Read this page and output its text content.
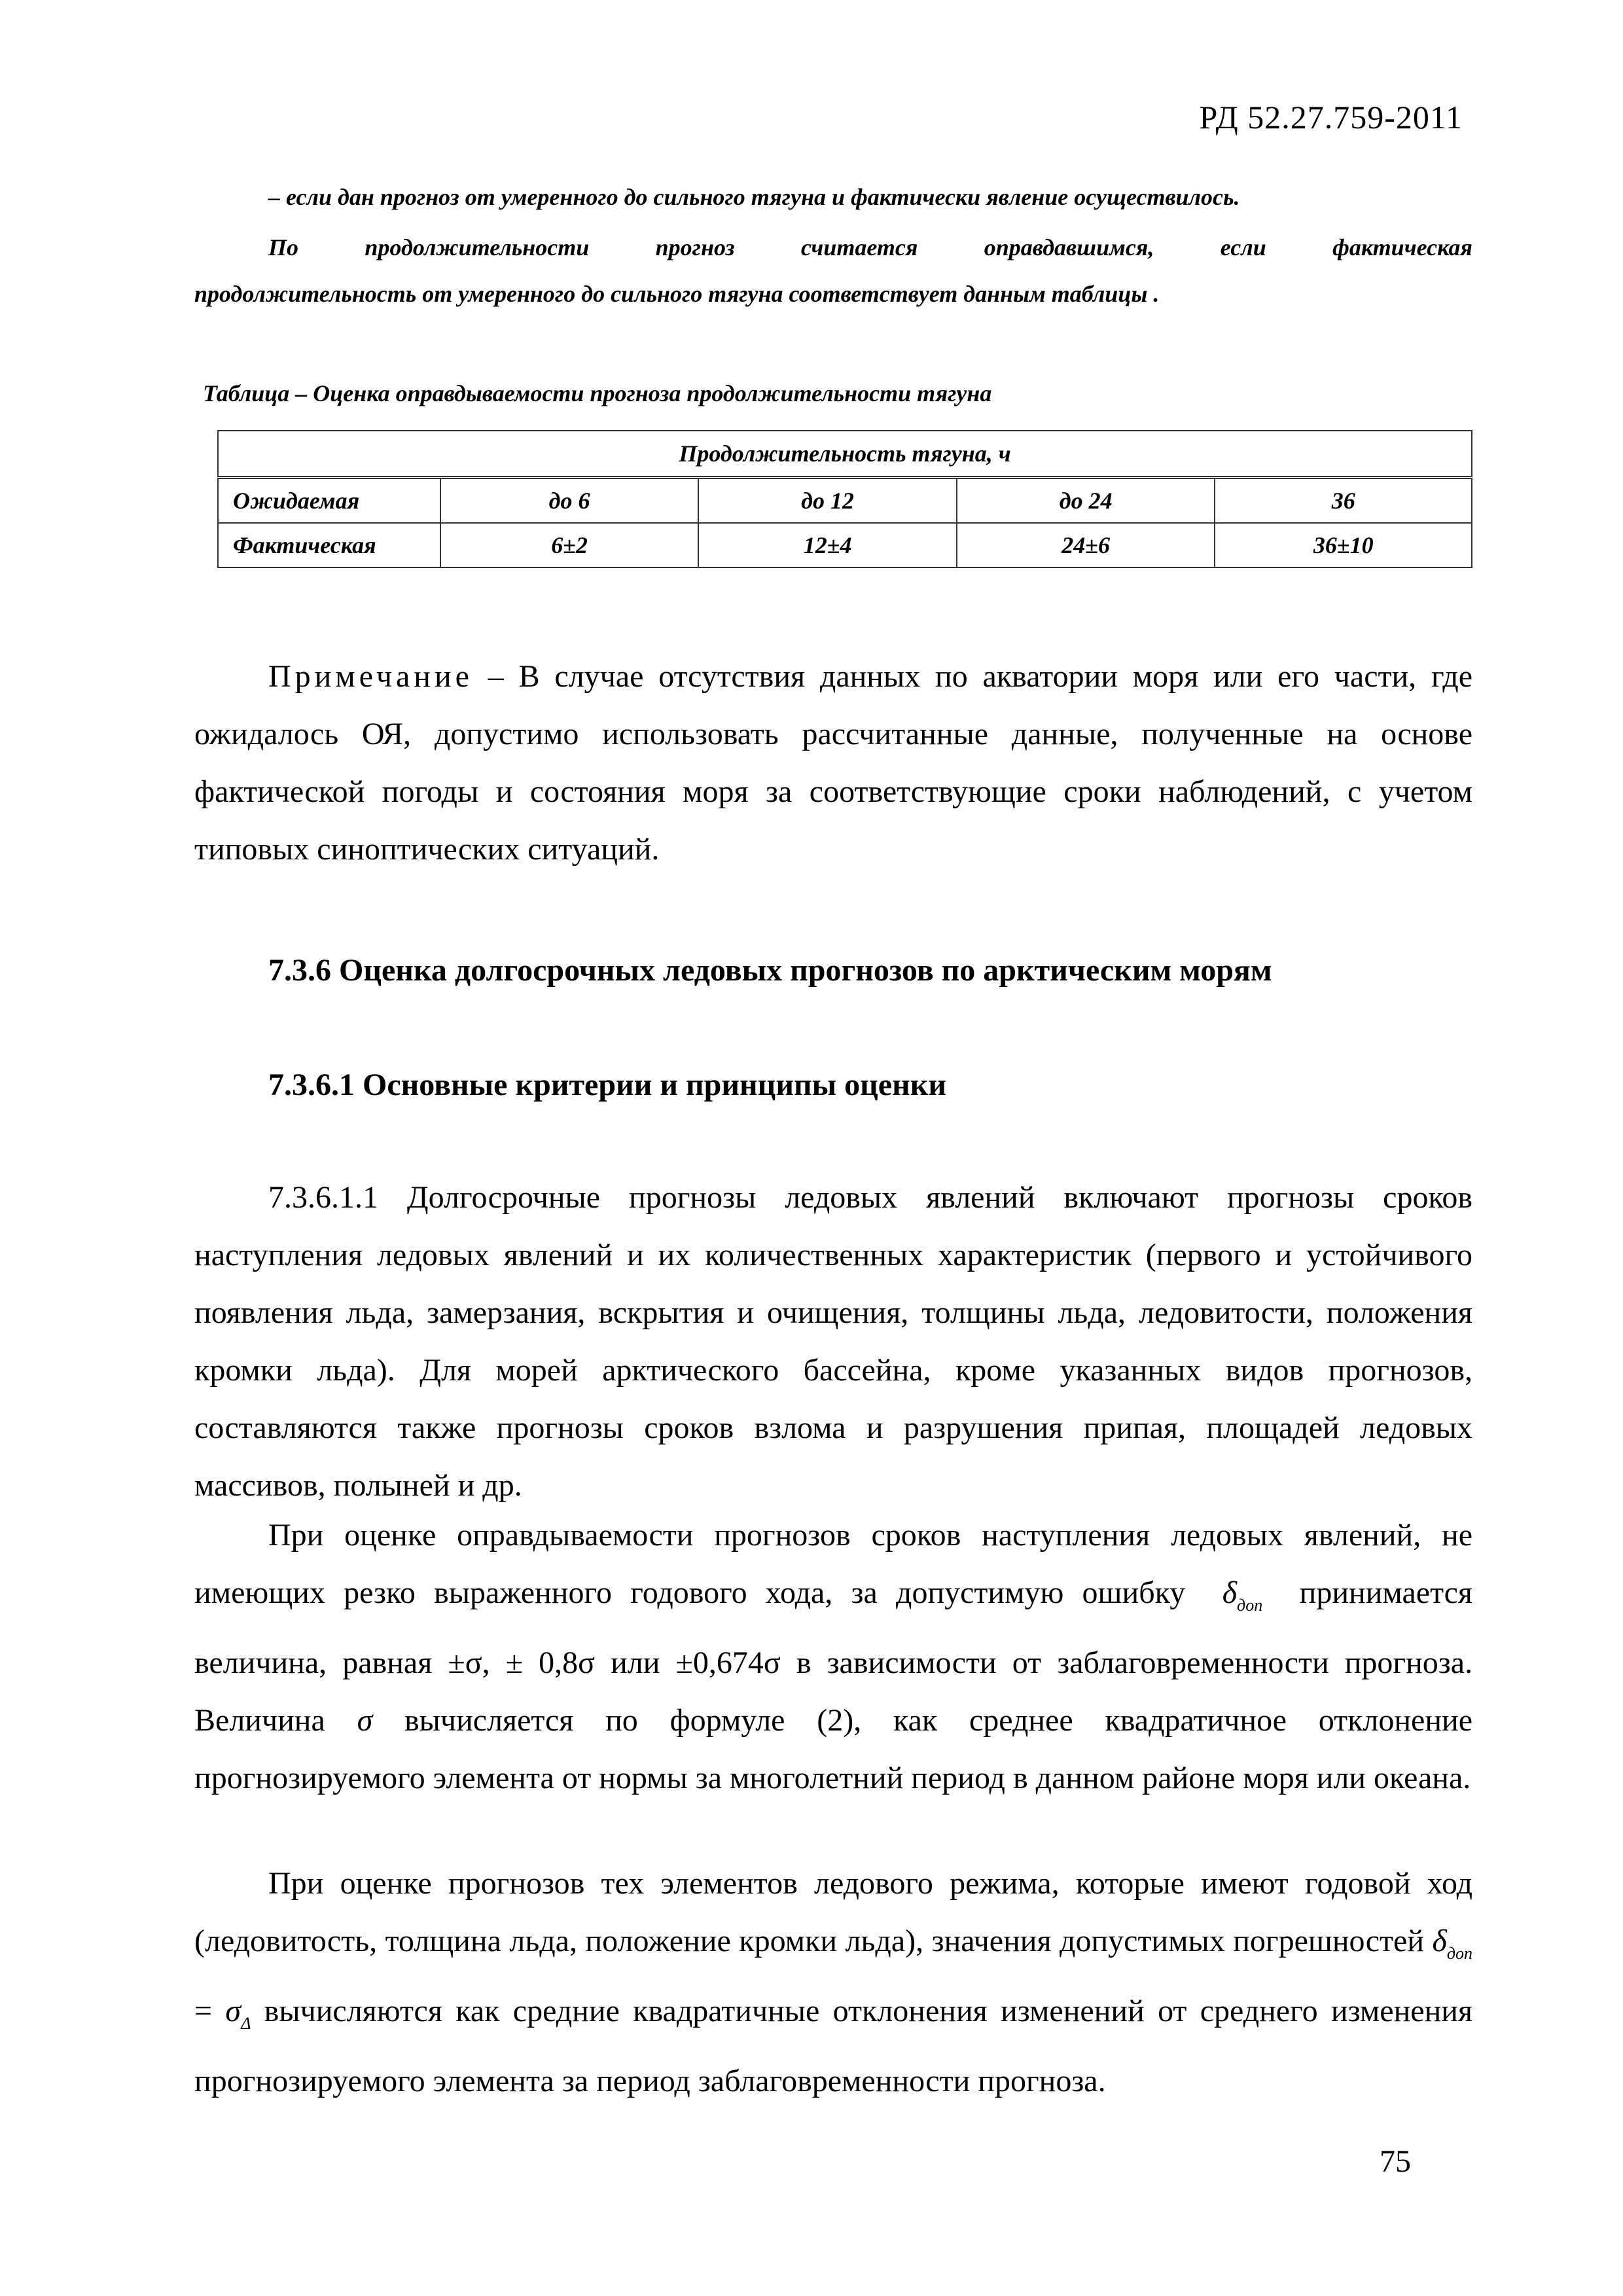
РД 52.27.759-2011
– если дан прогноз от умеренного до сильного тягуна и фактически явление осуществилось.
По	продолжительности	прогноз	считается	оправдавшимся,	если	фактическая
продолжительность от умеренного до сильного тягуна соответствует данным таблицы .
Таблица – Оценка оправдываемости прогноза продолжительности тягуна
Продолжительность тягуна, ч				
Ожидаемая	до 6	до 12	до 24	36
Фактическая	6±2	12±4	24±6	36±10
Примечание – В случае отсутствия данных по акватории моря или его части, где ожидалось ОЯ, допустимо использовать рассчитанные данные, полученные на основе фактической погоды и состояния моря за соответствующие сроки наблюдений, с учетом типовых синоптических ситуаций.
7.3.6 Оценка долгосрочных ледовых прогнозов по арктическим морям
7.3.6.1 Основные критерии и принципы оценки
7.3.6.1.1 Долгосрочные прогнозы ледовых явлений включают прогнозы сроков наступления ледовых явлений и их количественных характеристик (первого и устойчивого появления льда, замерзания, вскрытия и очищения, толщины льда, ледовитости, положения кромки льда). Для морей арктического бассейна, кроме указанных видов прогнозов, составляются также прогнозы сроков взлома и разрушения припая, площадей ледовых массивов, полыней и др.
При оценке оправдываемости прогнозов сроков наступления ледовых явлений, не имеющих резко выраженного годового хода, за допустимую ошибку $\delta_{доп}$ принимается величина, равная ±σ, ± 0,8σ или ±0,674σ в зависимости от заблаговременности прогноза. Величина σ вычисляется по формуле (2), как среднее квадратичное отклонение прогнозируемого элемента от нормы за многолетний период в данном районе моря или океана.
При оценке прогнозов тех элементов ледового режима, которые имеют годовой ход (ледовитость, толщина льда, положение кромки льда), значения допустимых погрешностей $\delta_{доп} = \sigma_\Delta$ вычисляются как средние квадратичные отклонения изменений от среднего изменения прогнозируемого элемента за период заблаговременности прогноза.
75
